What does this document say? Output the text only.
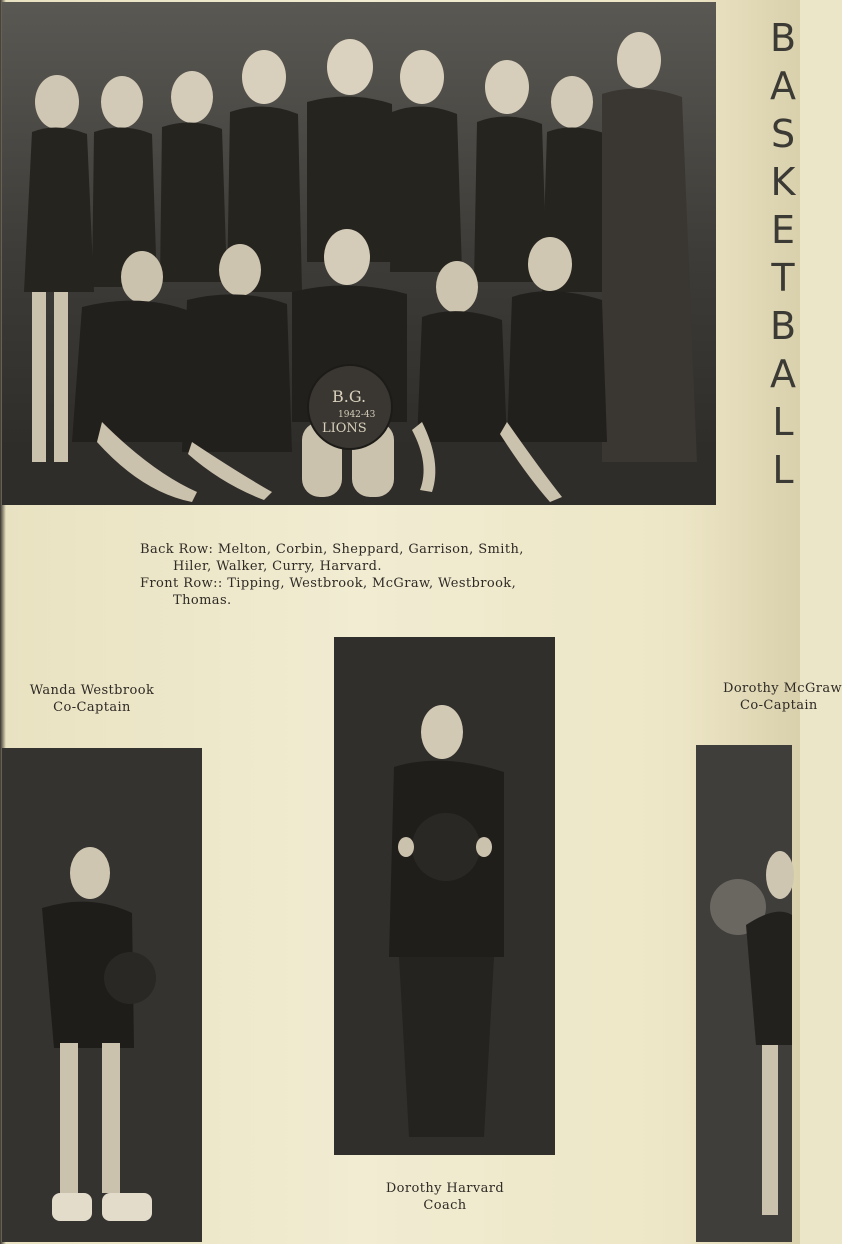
B.G.
1942-43
LIONS
Back Row: Melton, Corbin, Sheppard, Garrison, Smith,
Hiler, Walker, Curry, Harvard.
Front Row:: Tipping, Westbrook, McGraw, Westbrook,
Thomas.
Wanda Westbrook
Co-Captain
Dorothy Harvard
Coach
Dorothy McGraw
Co-Captain
B
A
S
K
E
T
B
A
L
L
